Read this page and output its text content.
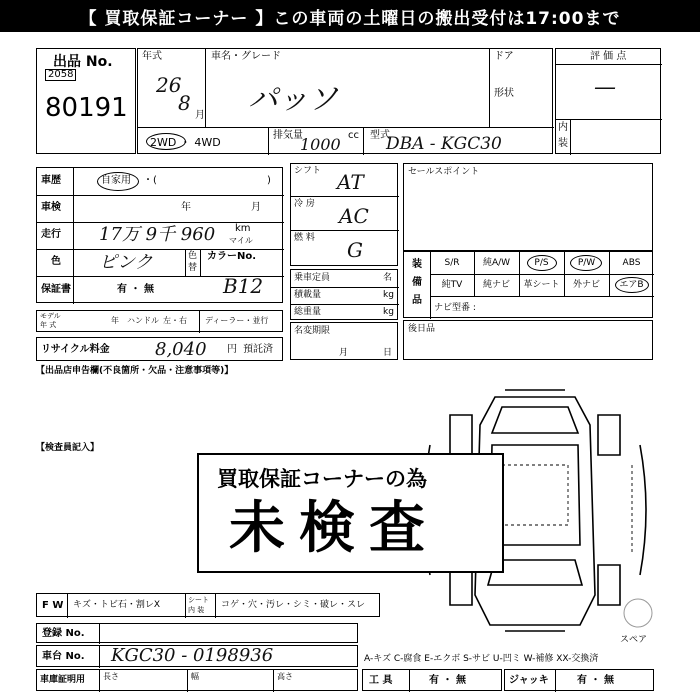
【 買取保証コーナー 】この車両の土曜日の搬出受付は17:00まで
出品 No.
2058
80191
年式
26
8
月
車名・グレード
パッソ
ドア
形状
2WD ・ 4WD
排気量
1000 cc 型式
DBA - KGC30
評 価 点
—
内
装
車歴	自家用 ・(	)
車検	年	月
走行 17万 9千 960 km
マイル
色 ピンク	色
替
カラーNo.
B12
保証書	有 ・ 無
シフト AT
冷 房 AC
燃 料 G
乗車定員	名
積載量	kg
総重量	kg
名変期限
月	日
モデル
年 式	年 ハンドル 左・右 ディーラー・並行
リサイクル料金	8,040 円 預託済
セールスポイント
装
備
品
S/R	純A/W	P/S	P/W	ABS
純TV	純ナビ	革シート	外ナビ	エアB
ナビ型番 :
後日品
【出品店申告欄(不良箇所・欠品・注意事項等)】
【検査員記入】
買取保証コーナーの為
未検査
F W キズ・トビ石・割レX	シート
内 装 コゲ・穴・汚レ・シミ・破レ・スレ
登録 No.
車台 No. KGC30 - 0198936
車庫証明用 長さ	幅	高さ
A-キズ C-腐食 E-エクボ S-サビ U-凹ミ W-補修 XX-交換済
スペア
工 具	有 ・ 無	ジャッキ	有 ・ 無
